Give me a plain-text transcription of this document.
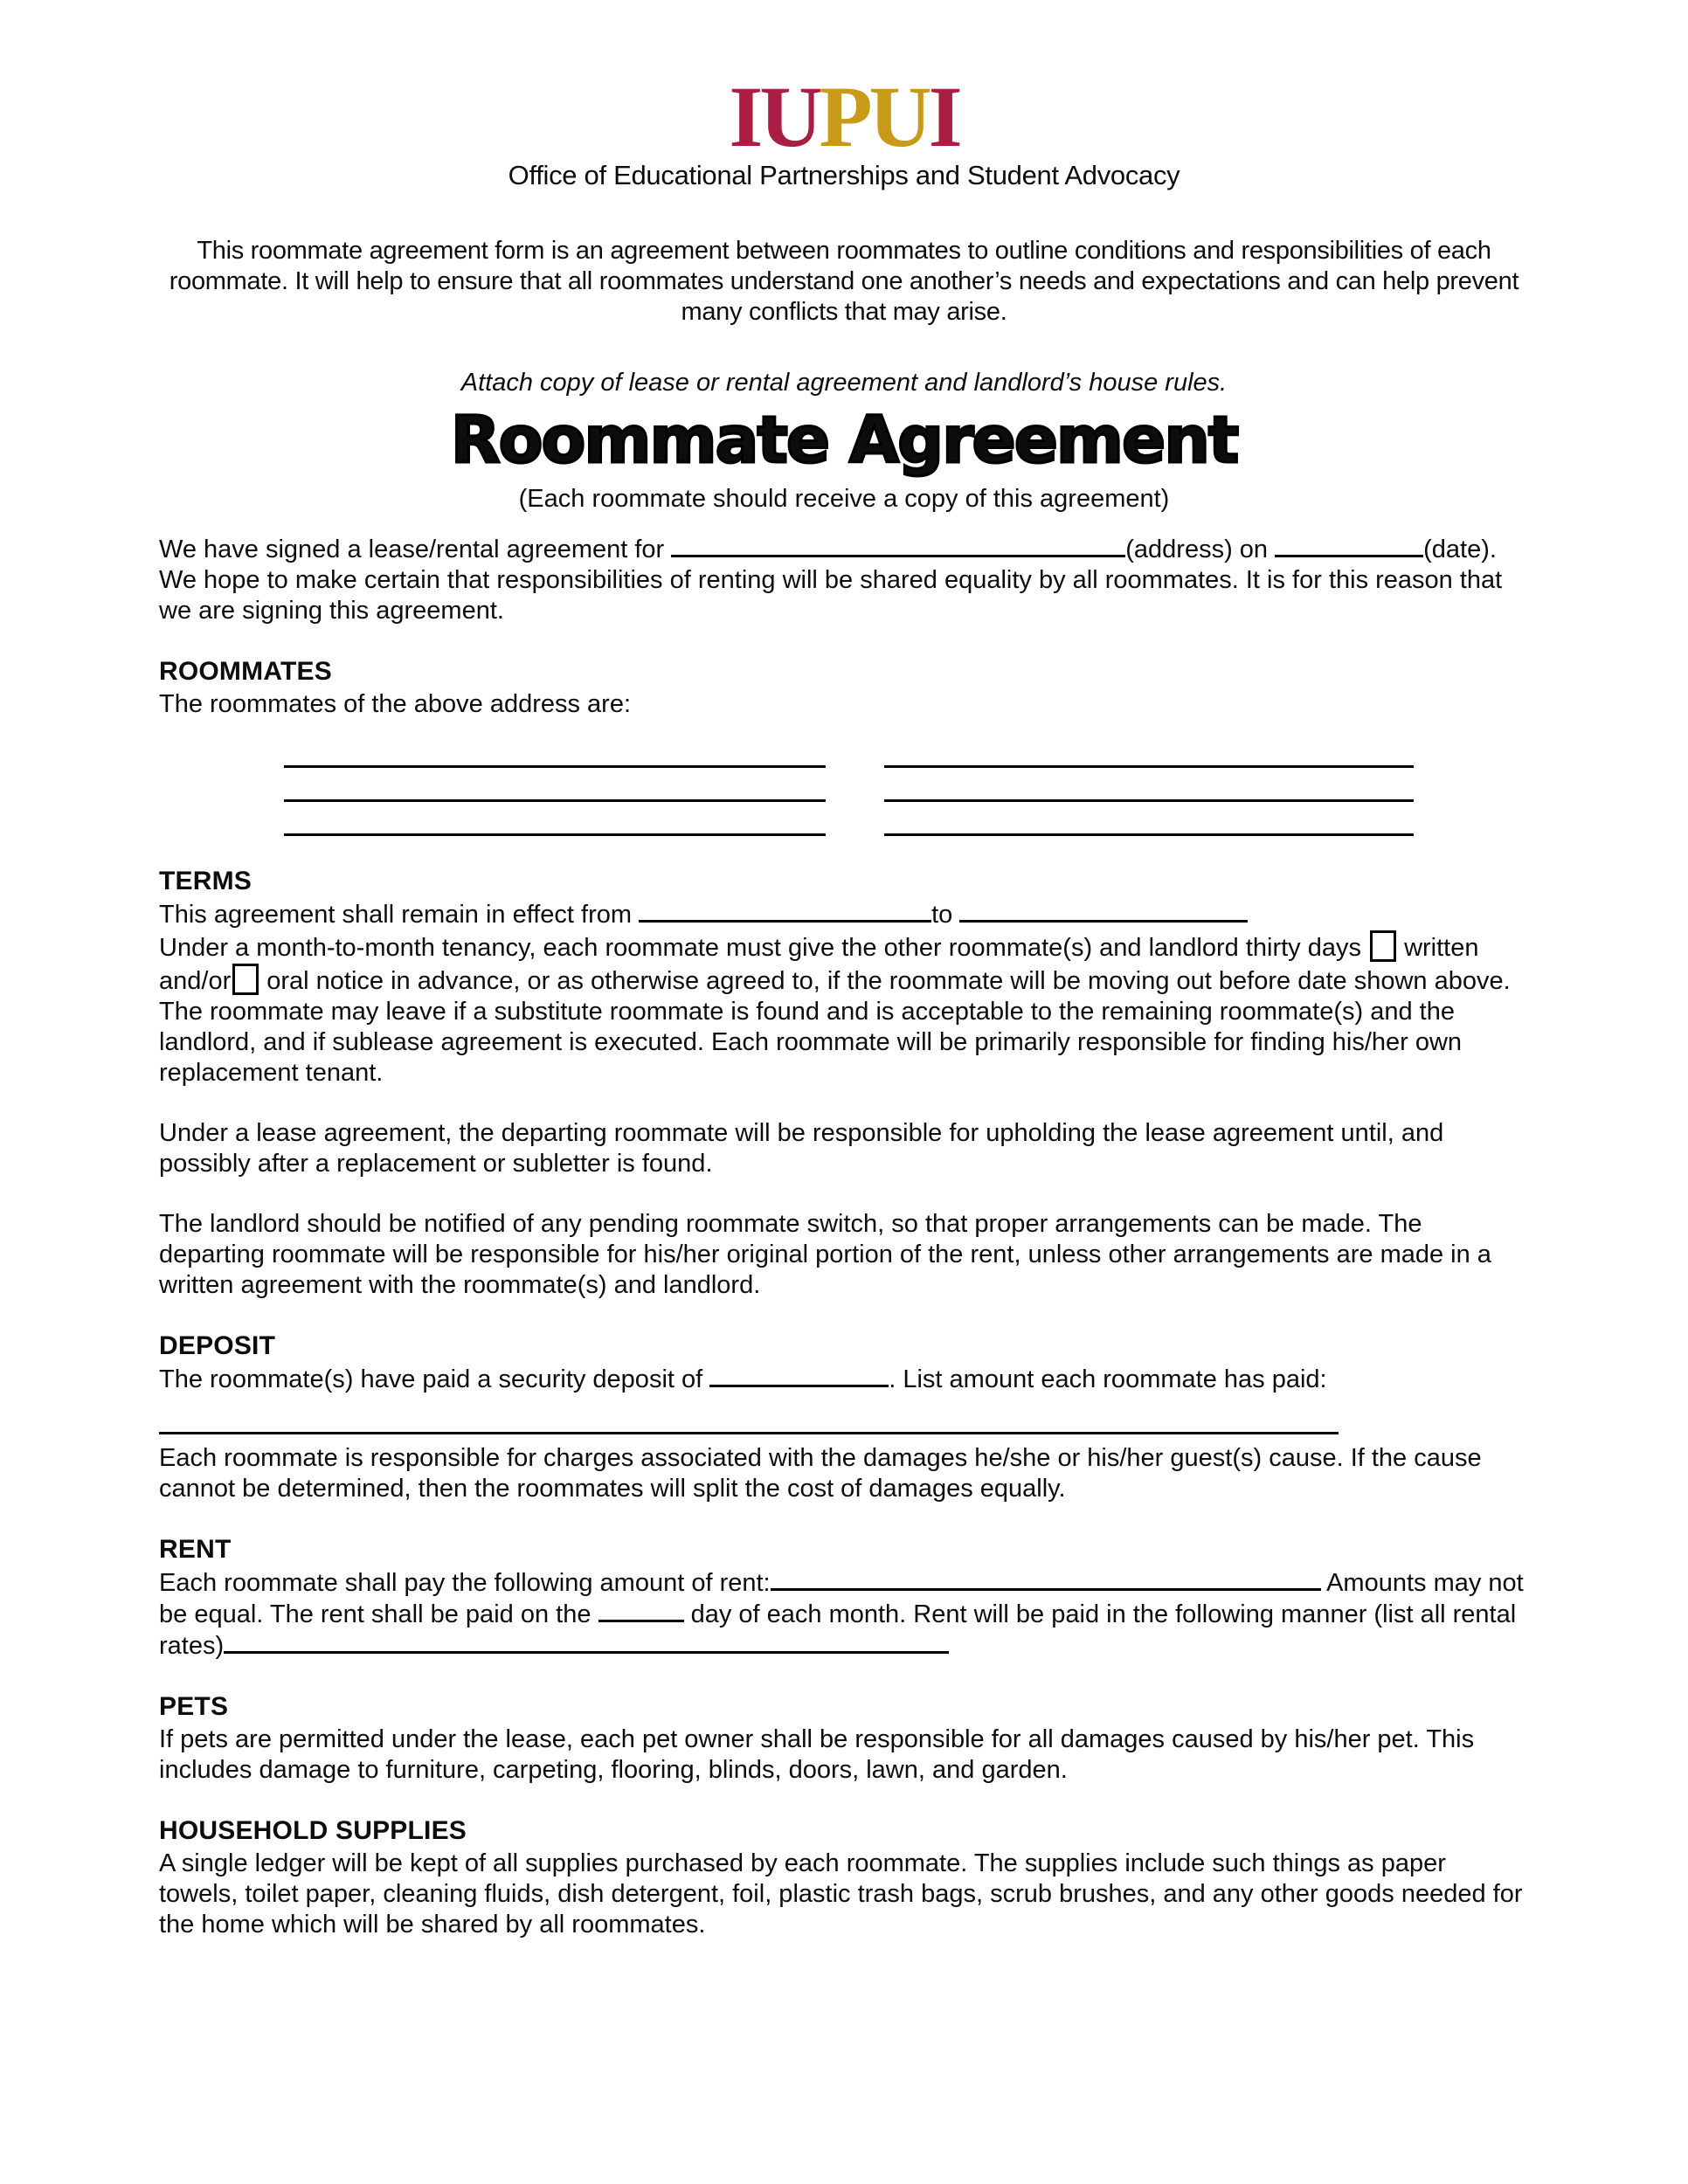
IUPUI
Office of Educational Partnerships and Student Advocacy
This roommate agreement form is an agreement between roommates to outline conditions and responsibilities of each roommate. It will help to ensure that all roommates understand one another’s needs and expectations and can help prevent many conflicts that may arise.
Attach copy of lease or rental agreement and landlord’s house rules.
Roommate Agreement
(Each roommate should receive a copy of this agreement)
We have signed a lease/rental agreement for	(address) on	(date). We hope to make certain that responsibilities of renting will be shared equality by all roommates. It is for this reason that we are signing this agreement.
ROOMMATES
The roommates of the above address are:
TERMS
This agreement shall remain in effect from	to
Under a month-to-month tenancy, each roommate must give the other roommate(s) and landlord thirty days written and/or oral notice in advance, or as otherwise agreed to, if the roommate will be moving out before date shown above. The roommate may leave if a substitute roommate is found and is acceptable to the remaining roommate(s) and the landlord, and if sublease agreement is executed. Each roommate will be primarily responsible for finding his/her own replacement tenant.
Under a lease agreement, the departing roommate will be responsible for upholding the lease agreement until, and possibly after a replacement or subletter is found.
The landlord should be notified of any pending roommate switch, so that proper arrangements can be made. The departing roommate will be responsible for his/her original portion of the rent, unless other arrangements are made in a written agreement with the roommate(s) and landlord.
DEPOSIT
The roommate(s) have paid a security deposit of	. List amount each roommate has paid:
Each roommate is responsible for charges associated with the damages he/she or his/her guest(s) cause. If the cause cannot be determined, then the roommates will split the cost of damages equally.
RENT
Each roommate shall pay the following amount of rent:	Amounts may not be equal. The rent shall be paid on the	day of each month. Rent will be paid in the following manner (list all rental rates)
PETS
If pets are permitted under the lease, each pet owner shall be responsible for all damages caused by his/her pet. This includes damage to furniture, carpeting, flooring, blinds, doors, lawn, and garden.
HOUSEHOLD SUPPLIES
A single ledger will be kept of all supplies purchased by each roommate. The supplies include such things as paper towels, toilet paper, cleaning fluids, dish detergent, foil, plastic trash bags, scrub brushes, and any other goods needed for the home which will be shared by all roommates.
